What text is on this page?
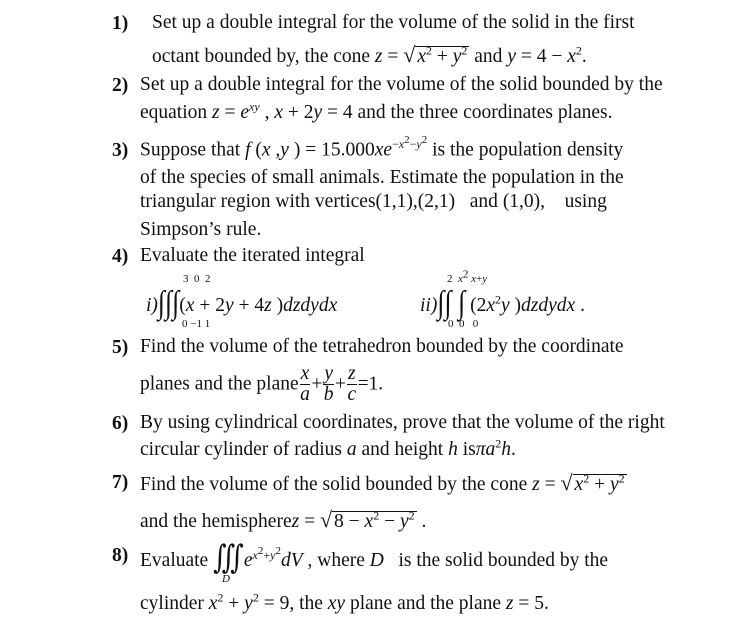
1) Set up a double integral for the volume of the solid in the first
octant bounded by, the cone z = √ $x^2 + y^2$ and $y = 4 - x^2$.
2) Set up a double integral for the volume of the solid bounded by the
equation $z = e^{xy}$ , x + 2y = 4 and the three coordinates planes.
3) Suppose that f (x ,y ) = $15.000xe^{-x^2-y^2}$ is the population density
of the species of small animals. Estimate the population in the
triangular region with vertices(1,1),(2,1) and (1,0), using
Simpson’s rule.
4) Evaluate the iterated integral
3  0  2
i)∫∫∫(x + 2y + 4z )dzdydx
0 −1 1
2  $x^2$ x+y
ii)∫∫ ∫ ($2x^2y$ )dzdydx .
0  0   0
5) Find the volume of the tetrahedron bounded by the coordinate
planes and the plane $\frac{x}{a} + \frac{y}{b} + \frac{z}{c} =1$.
6) By using cylindrical coordinates, prove that the volume of the right
circular cylinder of radius a and height h isπa$^2$h.
7) Find the volume of the solid bounded by the cone z = √ $x^2 + y^2$
and the hemispherez = √ $8 - x^2 - y^2$ .
8) Evaluate $∭e^{x^2+y^2}dV$ , where D is the solid bounded by the
D
cylinder $x^2 + y^2 = 9$, the xy plane and the plane z = 5.
